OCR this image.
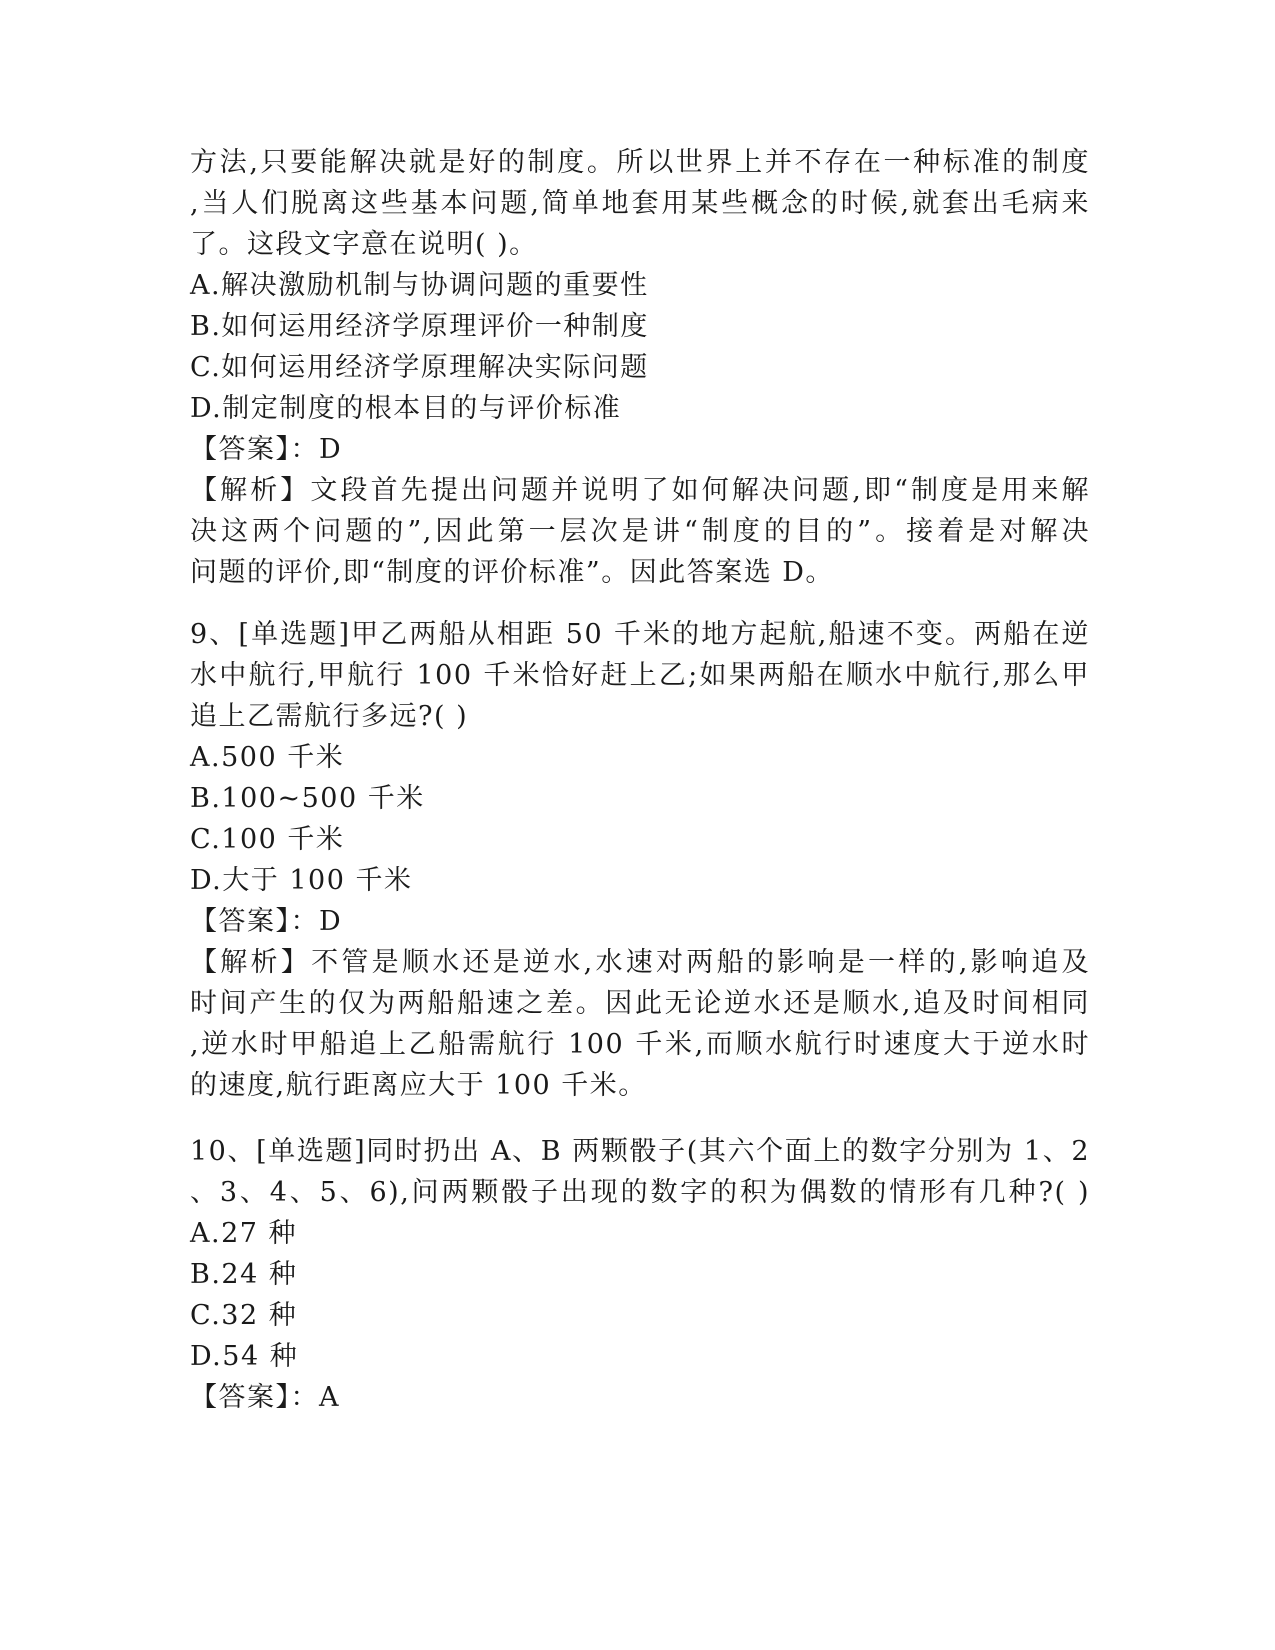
方法,只要能解决就是好的制度。所以世界上并不存在一种标准的制度
,当人们脱离这些基本问题,简单地套用某些概念的时候,就套出毛病来
了。这段文字意在说明( )。
A.解决激励机制与协调问题的重要性
B.如何运用经济学原理评价一种制度
C.如何运用经济学原理解决实际问题
D.制定制度的根本目的与评价标准
【答案】：D
【解析】文段首先提出问题并说明了如何解决问题,即“制度是用来解
决这两个问题的”,因此第一层次是讲“制度的目的”。接着是对解决
问题的评价,即“制度的评价标准”。因此答案选 D。
9、[单选题]甲乙两船从相距 50 千米的地方起航,船速不变。两船在逆
水中航行,甲航行 100 千米恰好赶上乙;如果两船在顺水中航行,那么甲
追上乙需航行多远?( )
A.500 千米
B.100~500 千米
C.100 千米
D.大于 100 千米
【答案】：D
【解析】不管是顺水还是逆水,水速对两船的影响是一样的,影响追及
时间产生的仅为两船船速之差。因此无论逆水还是顺水,追及时间相同
,逆水时甲船追上乙船需航行 100 千米,而顺水航行时速度大于逆水时
的速度,航行距离应大于 100 千米。
10、[单选题]同时扔出 A、B 两颗骰子(其六个面上的数字分别为 1、2
、3、4、5、6),问两颗骰子出现的数字的积为偶数的情形有几种?( )
A.27 种
B.24 种
C.32 种
D.54 种
【答案】：A
